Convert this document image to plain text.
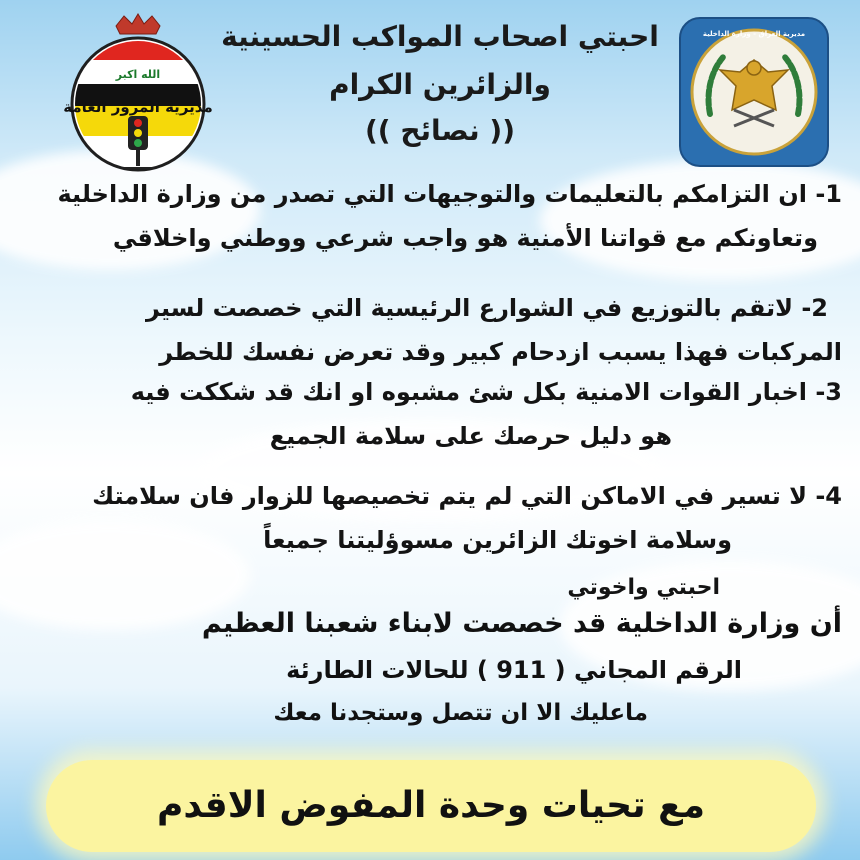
الله اكبر
مديرية المرور العامة
مديرية العراق - وزارة الداخلية
احبتي اصحاب المواكب الحسينية
والزائرين الكرام
(( نصائح ))
1- ان التزامكم بالتعليمات والتوجيهات التي تصدر من وزارة الداخلية
وتعاونكم مع قواتنا الأمنية هو واجب شرعي ووطني واخلاقي
2- لاتقم بالتوزيع في الشوارع الرئيسية التي خصصت لسير
المركبات فهذا يسبب ازدحام كبير وقد تعرض نفسك للخطر
3- اخبار القوات الامنية بكل شئ مشبوه او انك قد شككت فيه
هو دليل حرصك على سلامة الجميع
4- لا تسير في الاماكن التي لم يتم تخصيصها للزوار فان سلامتك
وسلامة اخوتك الزائرين مسوؤليتنا جميعاً
احبتي واخوتي
أن وزارة الداخلية قد خصصت لابناء شعبنا العظيم
الرقم المجاني ( 911 ) للحالات الطارئة
ماعليك الا ان تتصل وستجدنا معك
مع تحيات وحدة المفوض الاقدم
